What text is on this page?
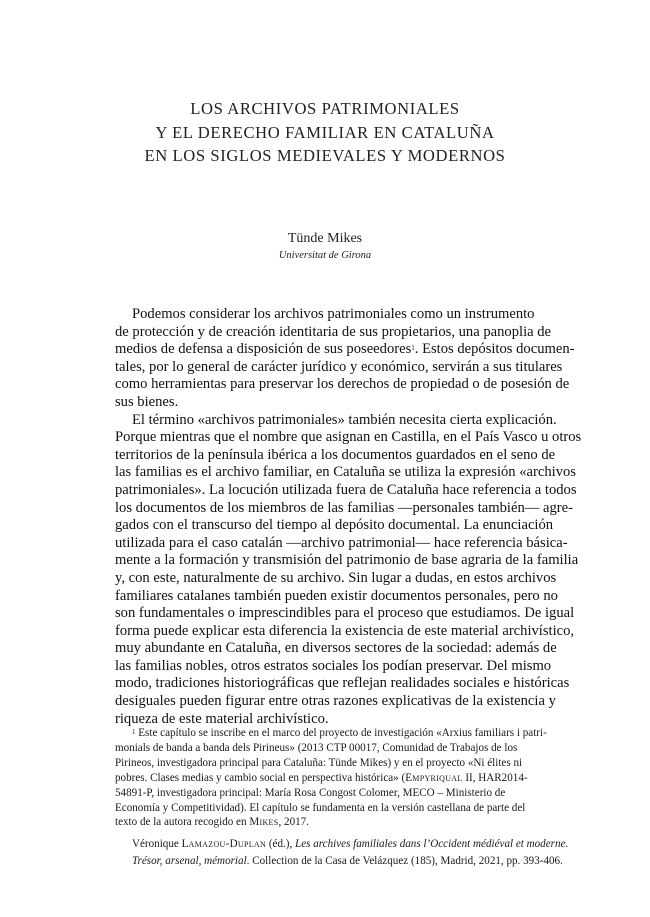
LOS ARCHIVOS PATRIMONIALES
Y EL DERECHO FAMILIAR EN CATALUÑA
EN LOS SIGLOS MEDIEVALES Y MODERNOS
Tünde Mikes
Universitat de Girona
Podemos considerar los archivos patrimoniales como un instrumento
de protección y de creación identitaria de sus propietarios, una panoplia de
medios de defensa a disposición de sus poseedores$^1$. Estos depósitos documen-
tales, por lo general de carácter jurídico y económico, servirán a sus titulares
como herramientas para preservar los derechos de propiedad o de posesión de
sus bienes.
El término «archivos patrimoniales» también necesita cierta explicación.
Porque mientras que el nombre que asignan en Castilla, en el País Vasco u otros
territorios de la península ibérica a los documentos guardados en el seno de
las familias es el archivo familiar, en Cataluña se utiliza la expresión «archivos
patrimoniales». La locución utilizada fuera de Cataluña hace referencia a todos
los documentos de los miembros de las familias —personales también— agre-
gados con el transcurso del tiempo al depósito documental. La enunciación
utilizada para el caso catalán —archivo patrimonial— hace referencia básica-
mente a la formación y transmisión del patrimonio de base agraria de la familia
y, con este, naturalmente de su archivo. Sin lugar a dudas, en estos archivos
familiares catalanes también pueden existir documentos personales, pero no
son fundamentales o imprescindibles para el proceso que estudiamos. De igual
forma puede explicar esta diferencia la existencia de este material archivístico,
muy abundante en Cataluña, en diversos sectores de la sociedad: además de
las familias nobles, otros estratos sociales los podían preservar. Del mismo
modo, tradiciones historiográficas que reflejan realidades sociales e históricas
desiguales pueden figurar entre otras razones explicativas de la existencia y
riqueza de este material archivístico.
$^1$ Este capítulo se inscribe en el marco del proyecto de investigación «Arxius familiars i patri-
monials de banda a banda dels Pirineus» (2013 CTP 00017, Comunidad de Trabajos de los
Pirineos, investigadora principal para Cataluña: Tünde Mikes) y en el proyecto «Ni élites ni
pobres. Clases medias y cambio social en perspectiva histórica» (Empyriqual II, HAR2014-
54891-P, investigadora principal: María Rosa Congost Colomer, MECO – Ministerio de
Economía y Competitividad). El capítulo se fundamenta en la versión castellana de parte del
texto de la autora recogido en Mikes, 2017.
Véronique Lamazou-Duplan (éd.), Les archives familiales dans l’Occident médiéval et moderne.
Trésor, arsenal, mémorial. Collection de la Casa de Velázquez (185), Madrid, 2021, pp. 393-406.
